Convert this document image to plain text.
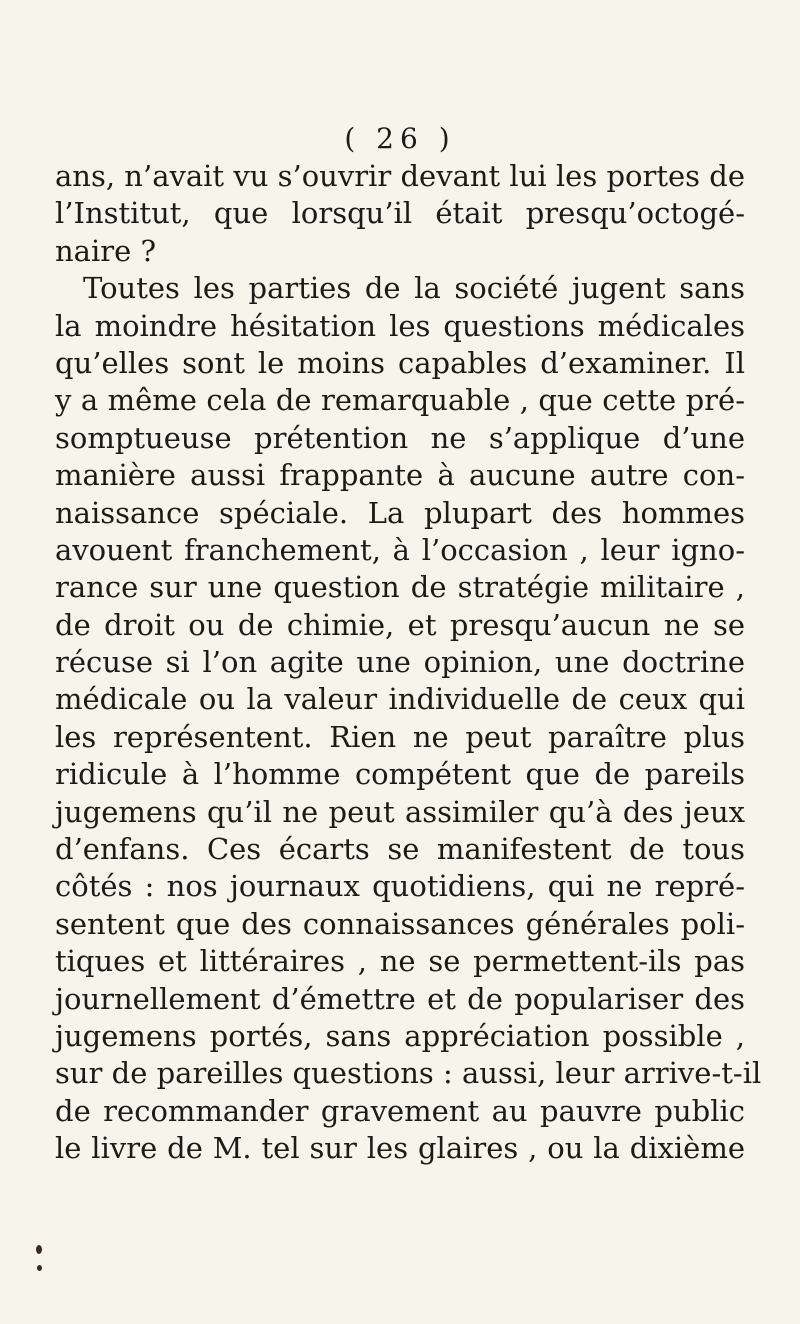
( 26 )
ans, n’avait vu s’ouvrir devant lui les portes de
l’Institut, que lorsqu’il était presqu’octogé-
naire ?
Toutes les parties de la société jugent sans
la moindre hésitation les questions médicales
qu’elles sont le moins capables d’examiner. Il
y a même cela de remarquable , que cette pré-
somptueuse prétention ne s’applique d’une
manière aussi frappante à aucune autre con-
naissance spéciale. La plupart des hommes
avouent franchement, à l’occasion , leur igno-
rance sur une question de stratégie militaire ,
de droit ou de chimie, et presqu’aucun ne se
récuse si l’on agite une opinion, une doctrine
médicale ou la valeur individuelle de ceux qui
les représentent. Rien ne peut paraître plus
ridicule à l’homme compétent que de pareils
jugemens qu’il ne peut assimiler qu’à des jeux
d’enfans. Ces écarts se manifestent de tous
côtés : nos journaux quotidiens, qui ne repré-
sentent que des connaissances générales poli-
tiques et littéraires , ne se permettent-ils pas
journellement d’émettre et de populariser des
jugemens portés, sans appréciation possible ,
sur de pareilles questions : aussi, leur arrive-t-il
de recommander gravement au pauvre public
le livre de M. tel sur les glaires , ou la dixième
